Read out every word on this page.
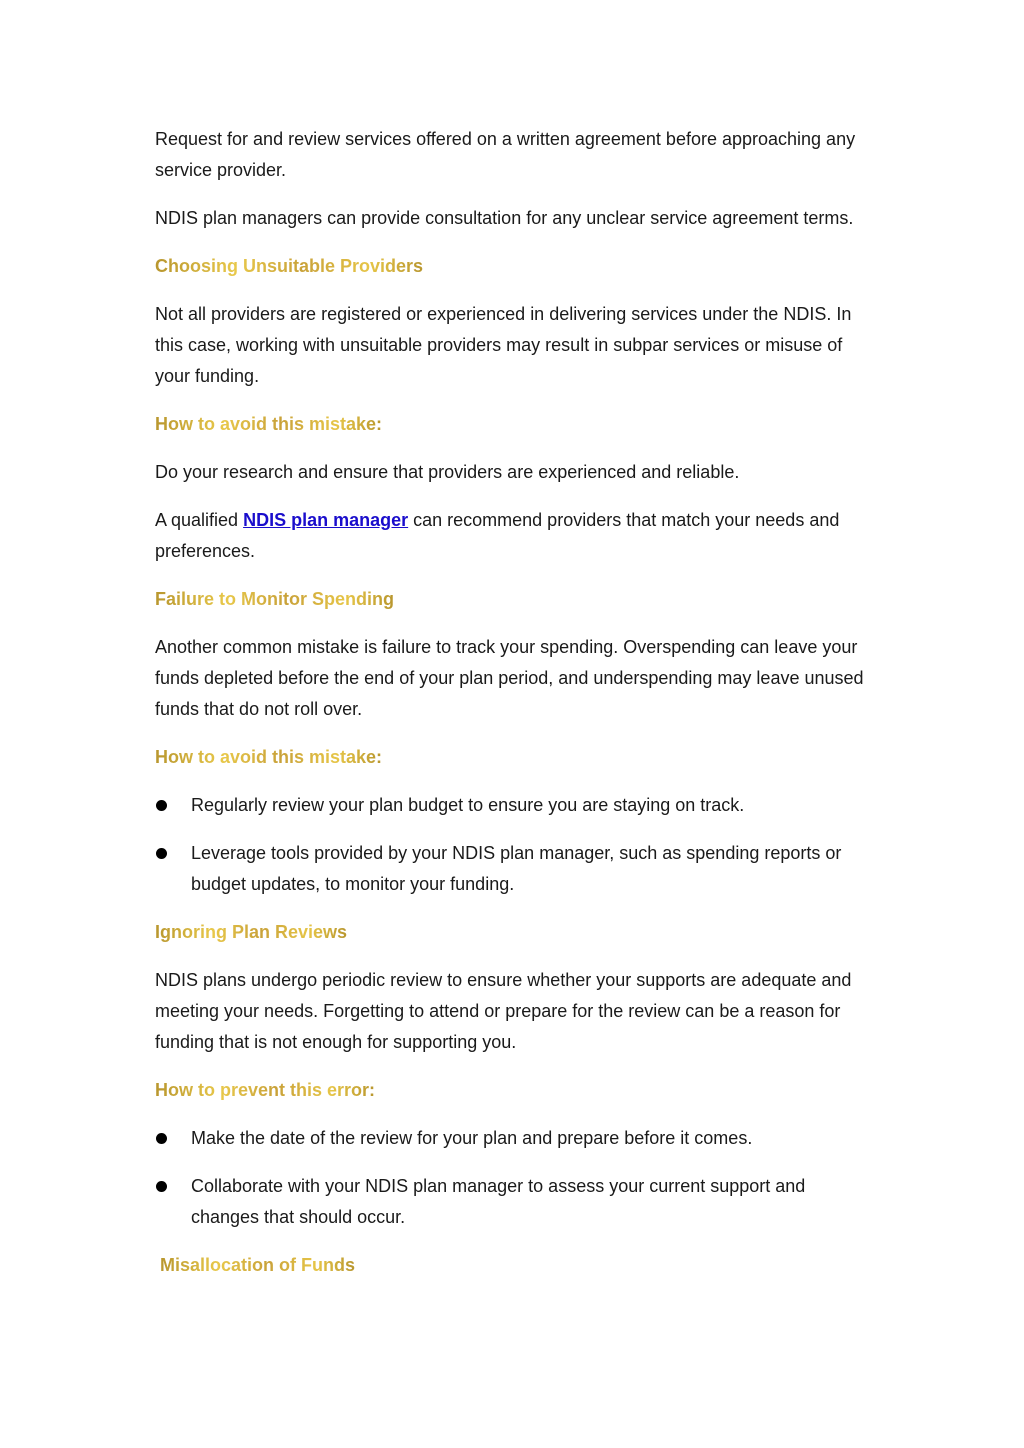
Request for and review services offered on a written agreement before approaching any service provider.

NDIS plan managers can provide consultation for any unclear service agreement terms.

Choosing Unsuitable Providers

Not all providers are registered or experienced in delivering services under the NDIS. In this case, working with unsuitable providers may result in subpar services or misuse of your funding.

How to avoid this mistake:

Do your research and ensure that providers are experienced and reliable.

A qualified NDIS plan manager can recommend providers that match your needs and preferences.

Failure to Monitor Spending

Another common mistake is failure to track your spending. Overspending can leave your funds depleted before the end of your plan period, and underspending may leave unused funds that do not roll over.

How to avoid this mistake:
Regularly review your plan budget to ensure you are staying on track.
Leverage tools provided by your NDIS plan manager, such as spending reports or budget updates, to monitor your funding.
Ignoring Plan Reviews

NDIS plans undergo periodic review to ensure whether your supports are adequate and meeting your needs. Forgetting to attend or prepare for the review can be a reason for funding that is not enough for supporting you.

How to prevent this error:
Make the date of the review for your plan and prepare before it comes.
Collaborate with your NDIS plan manager to assess your current support and changes that should occur.
Misallocation of Funds
